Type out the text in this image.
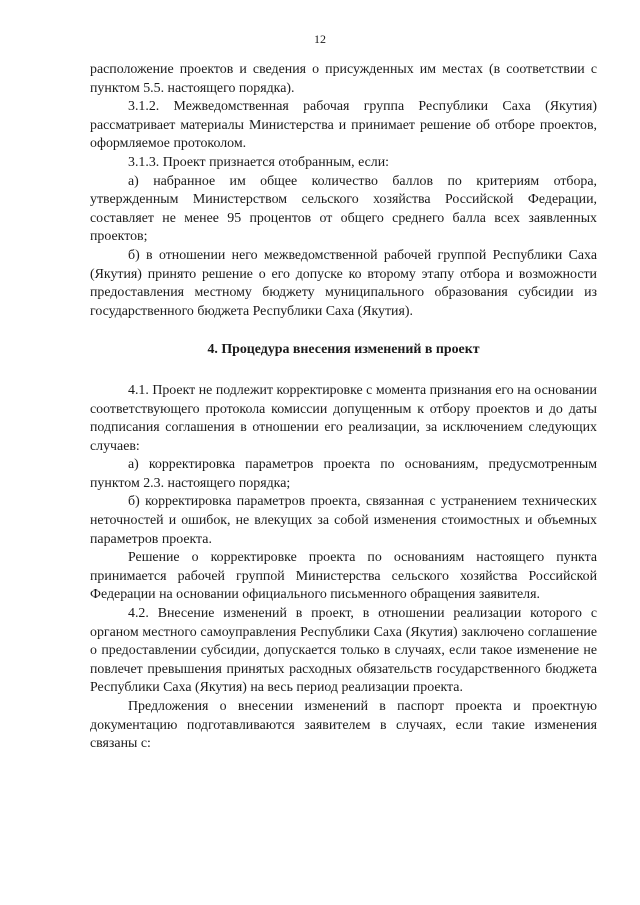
12

расположение проектов и сведения о присужденных им местах (в соответствии с пунктом 5.5. настоящего порядка).

3.1.2. Межведомственная рабочая группа Республики Саха (Якутия) рассматривает материалы Министерства и принимает решение об отборе проектов, оформляемое протоколом.

3.1.3. Проект признается отобранным, если:

а) набранное им общее количество баллов по критериям отбора, утвержденным Министерством сельского хозяйства Российской Федерации, составляет не менее 95 процентов от общего среднего балла всех заявленных проектов;

б) в отношении него межведомственной рабочей группой Республики Саха (Якутия) принято решение о его допуске ко второму этапу отбора и возможности предоставления местному бюджету муниципального образования субсидии из государственного бюджета Республики Саха (Якутия).

4. Процедура внесения изменений в проект

4.1. Проект не подлежит корректировке с момента признания его на основании соответствующего протокола комиссии допущенным к отбору проектов и до даты подписания соглашения в отношении его реализации, за исключением следующих случаев:

а) корректировка параметров проекта по основаниям, предусмотренным пунктом 2.3. настоящего порядка;

б) корректировка параметров проекта, связанная с устранением технических неточностей и ошибок, не влекущих за собой изменения стоимостных и объемных параметров проекта.

Решение о корректировке проекта по основаниям настоящего пункта принимается рабочей группой Министерства сельского хозяйства Российской Федерации на основании официального письменного обращения заявителя.

4.2. Внесение изменений в проект, в отношении реализации которого с органом местного самоуправления Республики Саха (Якутия) заключено соглашение о предоставлении субсидии, допускается только в случаях, если такое изменение не повлечет превышения принятых расходных обязательств государственного бюджета Республики Саха (Якутия) на весь период реализации проекта.

Предложения о внесении изменений в паспорт проекта и проектную документацию подготавливаются заявителем в случаях, если такие изменения связаны с:
